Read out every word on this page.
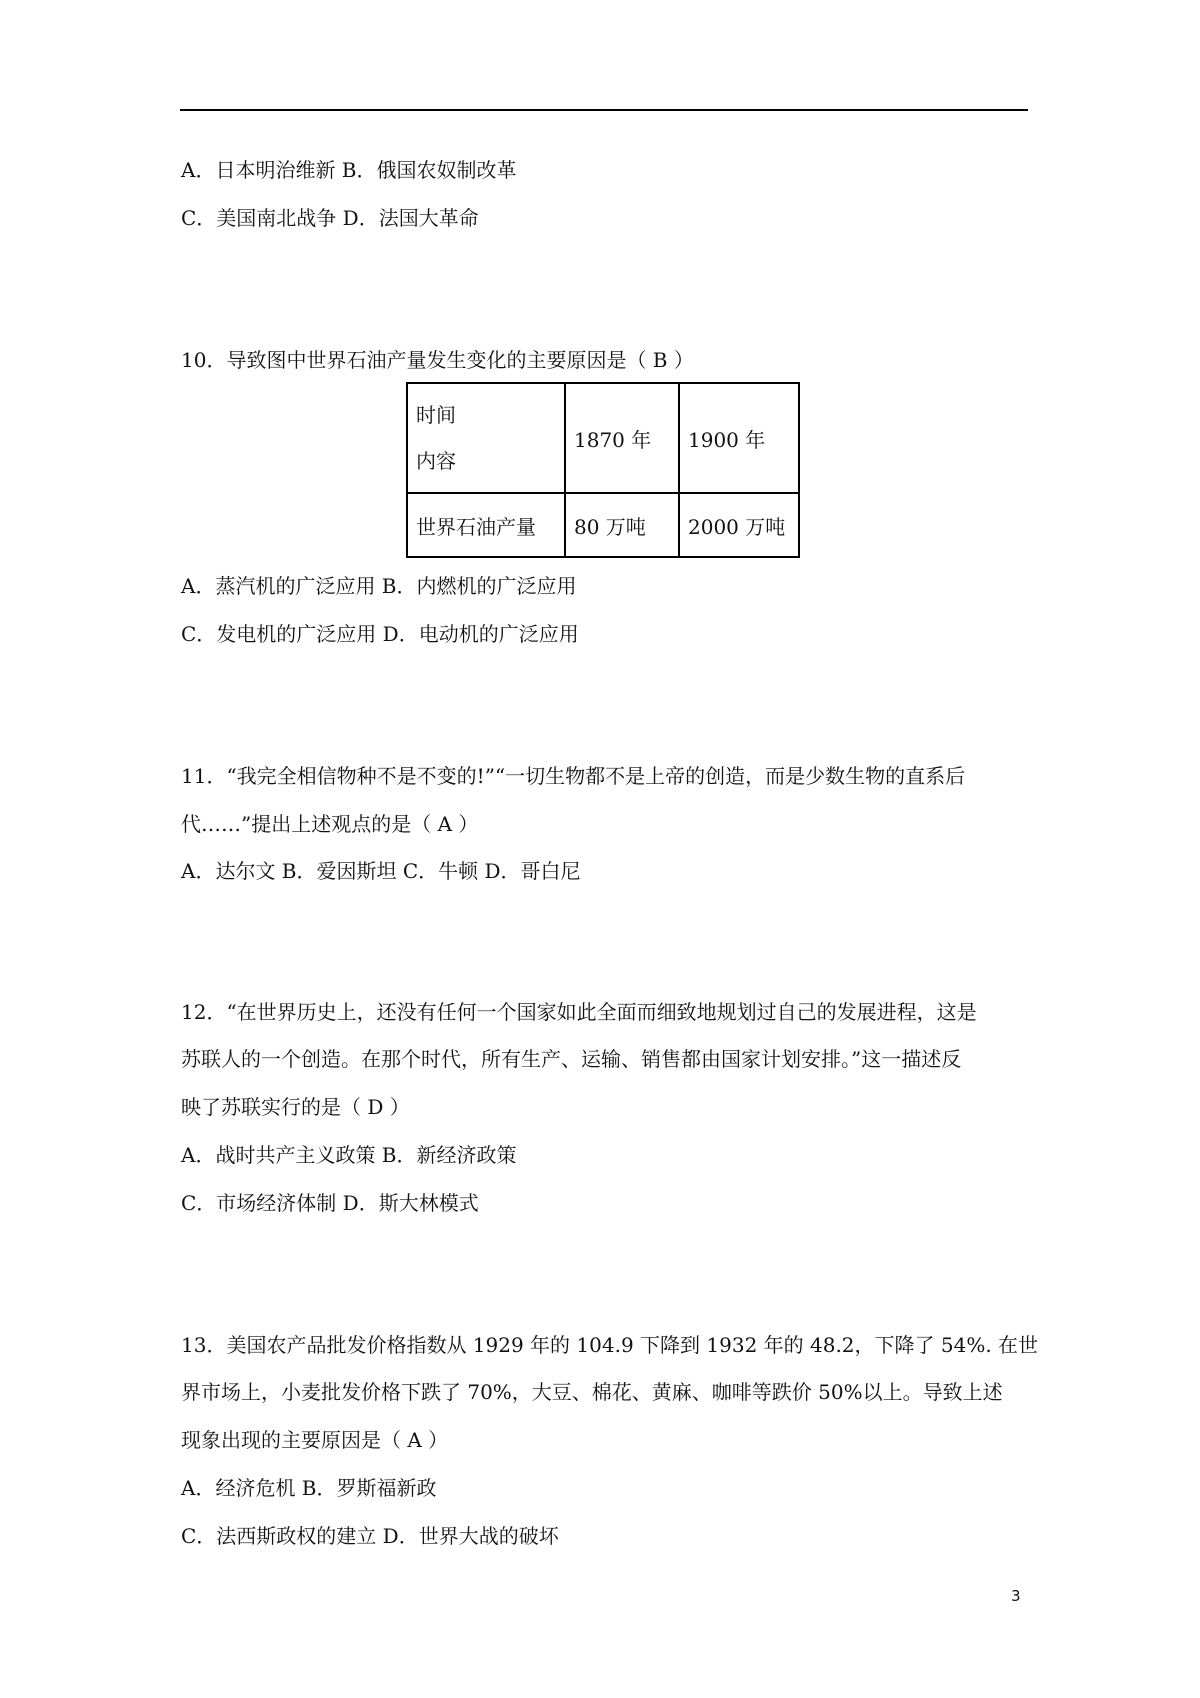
A．日本明治维新 B．俄国农奴制改革
C．美国南北战争 D．法国大革命
10．导致图中世界石油产量发生变化的主要原因是（ B ）
时间
内容	1870 年	1900 年
世界石油产量	80 万吨	2000 万吨
A．蒸汽机的广泛应用 B．内燃机的广泛应用
C．发电机的广泛应用 D．电动机的广泛应用
11．“我完全相信物种不是不变的!”“一切生物都不是上帝的创造，而是少数生物的直系后
代……”提出上述观点的是（ A ）
A．达尔文 B．爱因斯坦 C．牛顿 D．哥白尼
12．“在世界历史上，还没有任何一个国家如此全面而细致地规划过自己的发展进程，这是
苏联人的一个创造。在那个时代，所有生产、运输、销售都由国家计划安排。”这一描述反
映了苏联实行的是（ D ）
A．战时共产主义政策 B．新经济政策
C．市场经济体制 D．斯大林模式
13．美国农产品批发价格指数从 1929 年的 104.9 下降到 1932 年的 48.2，下降了 54%. 在世
界市场上，小麦批发价格下跌了 70%，大豆、棉花、黄麻、咖啡等跌价 50%以上。导致上述
现象出现的主要原因是（ A ）
A．经济危机 B．罗斯福新政
C．法西斯政权的建立 D．世界大战的破坏
3
